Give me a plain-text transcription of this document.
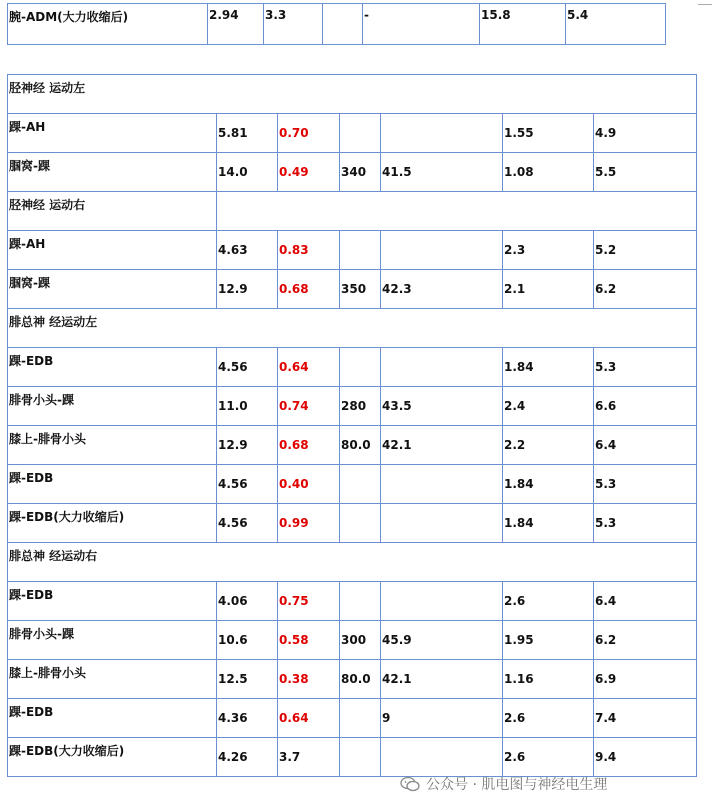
腕-ADM(大力收缩后)	2.94	3.3		-	15.8	5.4
胫神经 运动左						
踝-AH	5.81	0.70			1.55	4.9
腘窝-踝	14.0	0.49	340	41.5	1.08	5.5
胫神经 运动右						
踝-AH	4.63	0.83			2.3	5.2
腘窝-踝	12.9	0.68	350	42.3	2.1	6.2
腓总神 经运动左						
踝-EDB	4.56	0.64			1.84	5.3
腓骨小头-踝	11.0	0.74	280	43.5	2.4	6.6
膝上-腓骨小头	12.9	0.68	80.0	42.1	2.2	6.4
踝-EDB	4.56	0.40			1.84	5.3
踝-EDB(大力收缩后)	4.56	0.99			1.84	5.3
腓总神 经运动右						
踝-EDB	4.06	0.75			2.6	6.4
腓骨小头-踝	10.6	0.58	300	45.9	1.95	6.2
膝上-腓骨小头	12.5	0.38	80.0	42.1	1.16	6.9
踝-EDB	4.36	0.64		9	2.6	7.4
踝-EDB(大力收缩后)	4.26	3.7			2.6	9.4
公众号 · 肌电图与神经电生理
